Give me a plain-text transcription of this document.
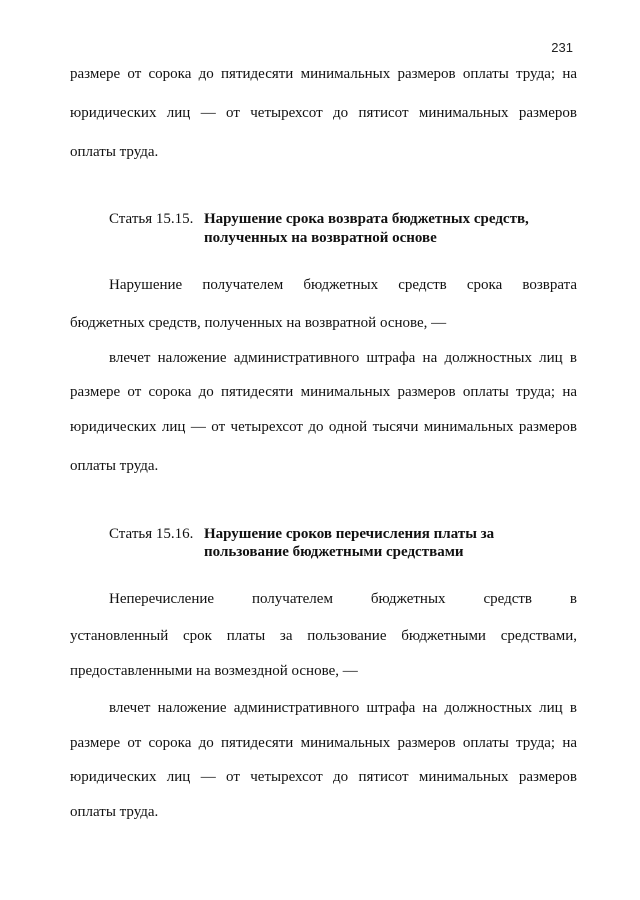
231
размере от сорока до пятидесяти минимальных размеров оплаты труда; на
юридических лиц — от четырехсот до пятисот минимальных размеров
оплаты труда.
Статья 15.15. Нарушение срока возврата бюджетных средств,
полученных на возвратной основе
Нарушение получателем бюджетных средств срока возврата
бюджетных средств, полученных на возвратной основе, —
влечет наложение административного штрафа на должностных лиц в
размере от сорока до пятидесяти минимальных размеров оплаты труда; на
юридических лиц — от четырехсот до одной тысячи минимальных размеров
оплаты труда.
Статья 15.16. Нарушение сроков перечисления платы за
пользование бюджетными средствами
Неперечисление получателем бюджетных средств в
установленный срок платы за пользование бюджетными средствами,
предоставленными на возмездной основе, —
влечет наложение административного штрафа на должностных лиц в
размере от сорока до пятидесяти минимальных размеров оплаты труда; на
юридических лиц — от четырехсот до пятисот минимальных размеров
оплаты труда.
